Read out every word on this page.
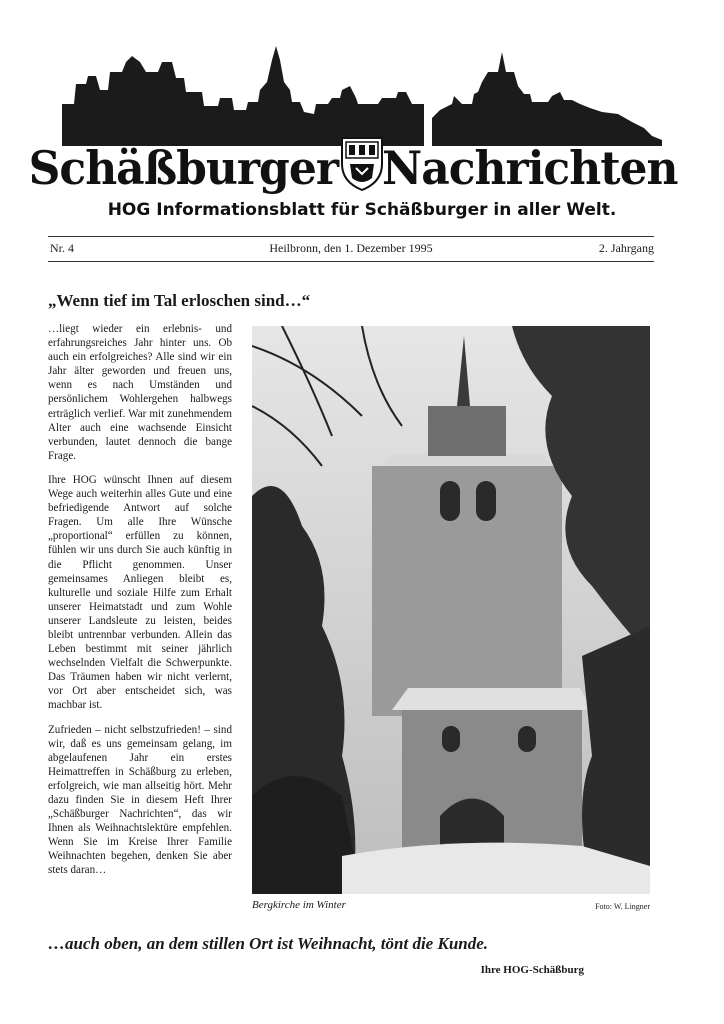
Schäßburger Nachrichten
HOG Informationsblatt für Schäßburger in aller Welt.
Nr. 4	Heilbronn, den 1. Dezember 1995	2. Jahrgang
„Wenn tief im Tal erloschen sind…“

…liegt wieder ein erlebnis- und erfahrungsreiches Jahr hinter uns. Ob auch ein erfolgreiches? Alle sind wir ein Jahr älter geworden und freuen uns, wenn es nach Umständen und persönlichem Wohlergehen halbwegs erträglich verlief. War mit zunehmendem Alter auch eine wachsende Einsicht verbunden, lautet dennoch die bange Frage.

Ihre HOG wünscht Ihnen auf diesem Wege auch weiterhin alles Gute und eine befriedigende Antwort auf solche Fragen. Um alle Ihre Wünsche „proportional“ erfüllen zu können, fühlen wir uns durch Sie auch künftig in die Pflicht genommen. Unser gemeinsames Anliegen bleibt es, kulturelle und soziale Hilfe zum Erhalt unserer Heimatstadt und zum Wohle unserer Landsleute zu leisten, beides bleibt untrennbar verbunden. Allein das Leben bestimmt mit seiner jährlich wechselnden Vielfalt die Schwerpunkte. Das Träumen haben wir nicht verlernt, vor Ort aber entscheidet sich, was machbar ist.

Zufrieden – nicht selbstzufrieden! – sind wir, daß es uns gemeinsam gelang, im abgelaufenen Jahr ein erstes Heimattreffen in Schäßburg zu erleben, erfolgreich, wie man allseitig hört. Mehr dazu finden Sie in diesem Heft Ihrer „Schäßburger Nachrichten“, das wir Ihnen als Weihnachtslektüre empfehlen. Wenn Sie im Kreise Ihrer Familie Weihnachten begehen, denken Sie aber stets daran…

Bergkirche im Winter	Foto: W. Lingner
…auch oben, an dem stillen Ort ist Weihnacht, tönt die Kunde.
Ihre HOG-Schäßburg
